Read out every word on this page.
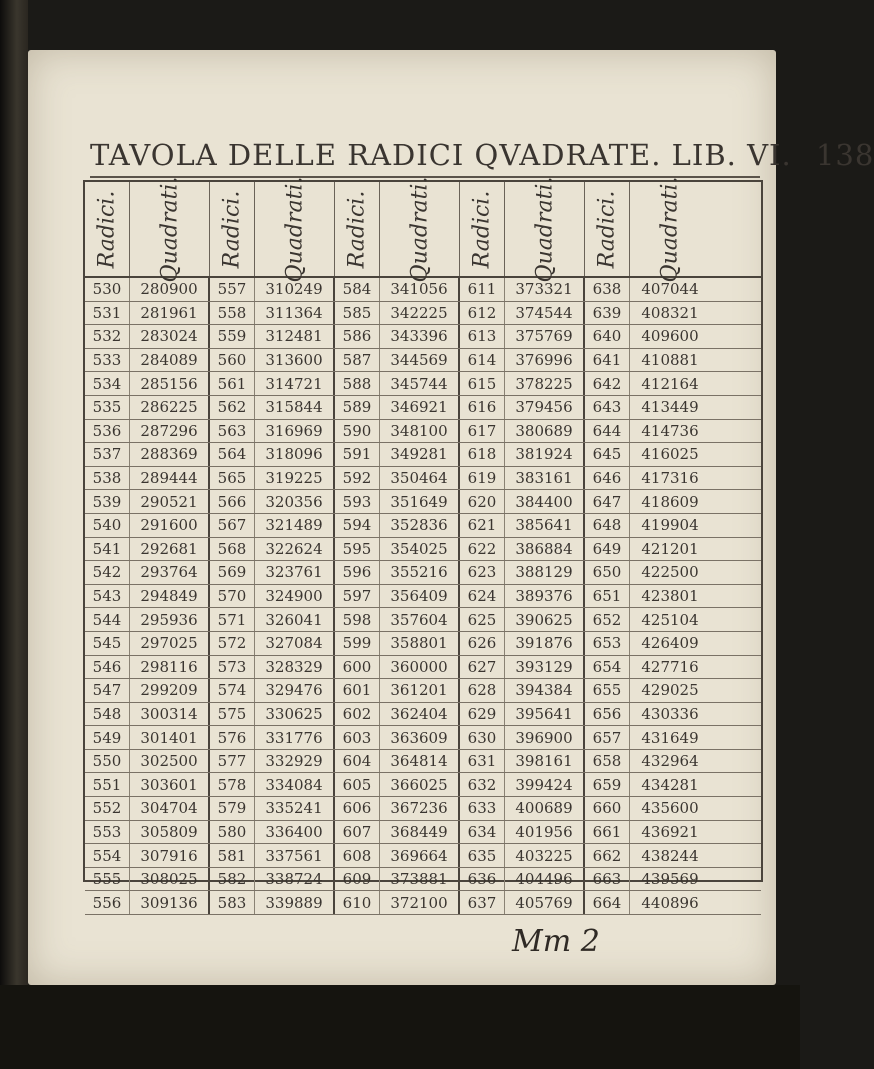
TAVOLA DELLE RADICI QVADRATE. LIB. VI. 138
Radici. Quadrati. Radici. Quadrati. Radici. Quadrati. Radici. Quadrati. Radici. Quadrati.
530	280900	557	310249	584	341056	611	373321	638	407044
531	281961	558	311364	585	342225	612	374544	639	408321
532	283024	559	312481	586	343396	613	375769	640	409600
533	284089	560	313600	587	344569	614	376996	641	410881
534	285156	561	314721	588	345744	615	378225	642	412164
535	286225	562	315844	589	346921	616	379456	643	413449
536	287296	563	316969	590	348100	617	380689	644	414736
537	288369	564	318096	591	349281	618	381924	645	416025
538	289444	565	319225	592	350464	619	383161	646	417316
539	290521	566	320356	593	351649	620	384400	647	418609
540	291600	567	321489	594	352836	621	385641	648	419904
541	292681	568	322624	595	354025	622	386884	649	421201
542	293764	569	323761	596	355216	623	388129	650	422500
543	294849	570	324900	597	356409	624	389376	651	423801
544	295936	571	326041	598	357604	625	390625	652	425104
545	297025	572	327084	599	358801	626	391876	653	426409
546	298116	573	328329	600	360000	627	393129	654	427716
547	299209	574	329476	601	361201	628	394384	655	429025
548	300314	575	330625	602	362404	629	395641	656	430336
549	301401	576	331776	603	363609	630	396900	657	431649
550	302500	577	332929	604	364814	631	398161	658	432964
551	303601	578	334084	605	366025	632	399424	659	434281
552	304704	579	335241	606	367236	633	400689	660	435600
553	305809	580	336400	607	368449	634	401956	661	436921
554	307916	581	337561	608	369664	635	403225	662	438244
555	308025	582	338724	609	373881	636	404496	663	439569
556	309136	583	339889	610	372100	637	405769	664	440896
Mm 2
